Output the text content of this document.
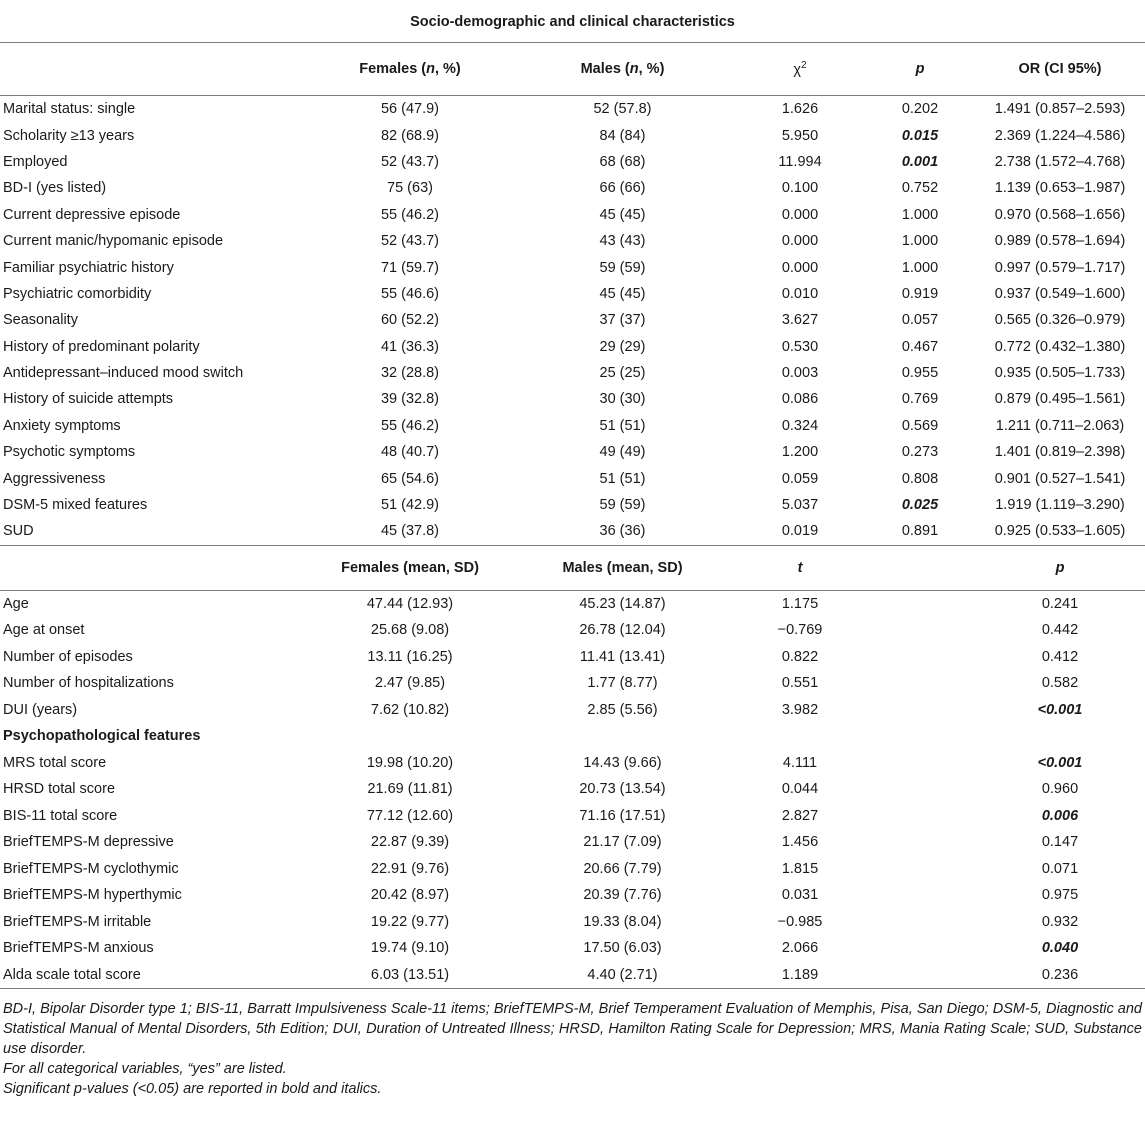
Socio-demographic and clinical characteristics
	Females (n, %)	Males (n, %)	$\chi^2$	p	OR (CI 95%)
Marital status: single	56 (47.9)	52 (57.8)	1.626	0.202	1.491 (0.857–2.593)
Scholarity ≥13 years	82 (68.9)	84 (84)	5.950	0.015	2.369 (1.224–4.586)
Employed	52 (43.7)	68 (68)	11.994	0.001	2.738 (1.572–4.768)
BD-I (yes listed)	75 (63)	66 (66)	0.100	0.752	1.139 (0.653–1.987)
Current depressive episode	55 (46.2)	45 (45)	0.000	1.000	0.970 (0.568–1.656)
Current manic/hypomanic episode	52 (43.7)	43 (43)	0.000	1.000	0.989 (0.578–1.694)
Familiar psychiatric history	71 (59.7)	59 (59)	0.000	1.000	0.997 (0.579–1.717)
Psychiatric comorbidity	55 (46.6)	45 (45)	0.010	0.919	0.937 (0.549–1.600)
Seasonality	60 (52.2)	37 (37)	3.627	0.057	0.565 (0.326–0.979)
History of predominant polarity	41 (36.3)	29 (29)	0.530	0.467	0.772 (0.432–1.380)
Antidepressant–induced mood switch	32 (28.8)	25 (25)	0.003	0.955	0.935 (0.505–1.733)
History of suicide attempts	39 (32.8)	30 (30)	0.086	0.769	0.879 (0.495–1.561)
Anxiety symptoms	55 (46.2)	51 (51)	0.324	0.569	1.211 (0.711–2.063)
Psychotic symptoms	48 (40.7)	49 (49)	1.200	0.273	1.401 (0.819–2.398)
Aggressiveness	65 (54.6)	51 (51)	0.059	0.808	0.901 (0.527–1.541)
DSM-5 mixed features	51 (42.9)	59 (59)	5.037	0.025	1.919 (1.119–3.290)
SUD	45 (37.8)	36 (36)	0.019	0.891	0.925 (0.533–1.605)
	Females (mean, SD)	Males (mean, SD)	t		p
Age	47.44 (12.93)	45.23 (14.87)	1.175		0.241
Age at onset	25.68 (9.08)	26.78 (12.04)	−0.769		0.442
Number of episodes	13.11 (16.25)	11.41 (13.41)	0.822		0.412
Number of hospitalizations	2.47 (9.85)	1.77 (8.77)	0.551		0.582
DUI (years)	7.62 (10.82)	2.85 (5.56)	3.982		<0.001
Psychopathological features					
MRS total score	19.98 (10.20)	14.43 (9.66)	4.111		<0.001
HRSD total score	21.69 (11.81)	20.73 (13.54)	0.044		0.960
BIS-11 total score	77.12 (12.60)	71.16 (17.51)	2.827		0.006
BriefTEMPS-M depressive	22.87 (9.39)	21.17 (7.09)	1.456		0.147
BriefTEMPS-M cyclothymic	22.91 (9.76)	20.66 (7.79)	1.815		0.071
BriefTEMPS-M hyperthymic	20.42 (8.97)	20.39 (7.76)	0.031		0.975
BriefTEMPS-M irritable	19.22 (9.77)	19.33 (8.04)	−0.985		0.932
BriefTEMPS-M anxious	19.74 (9.10)	17.50 (6.03)	2.066		0.040
Alda scale total score	6.03 (13.51)	4.40 (2.71)	1.189		0.236

BD-I, Bipolar Disorder type 1; BIS-11, Barratt Impulsiveness Scale-11 items; BriefTEMPS-M, Brief Temperament Evaluation of Memphis, Pisa, San Diego; DSM-5, Diagnostic and Statistical Manual of Mental Disorders, 5th Edition; DUI, Duration of Untreated Illness; HRSD, Hamilton Rating Scale for Depression; MRS, Mania Rating Scale; SUD, Substance use disorder.

For all categorical variables, “yes” are listed.

Significant p-values (<0.05) are reported in bold and italics.
